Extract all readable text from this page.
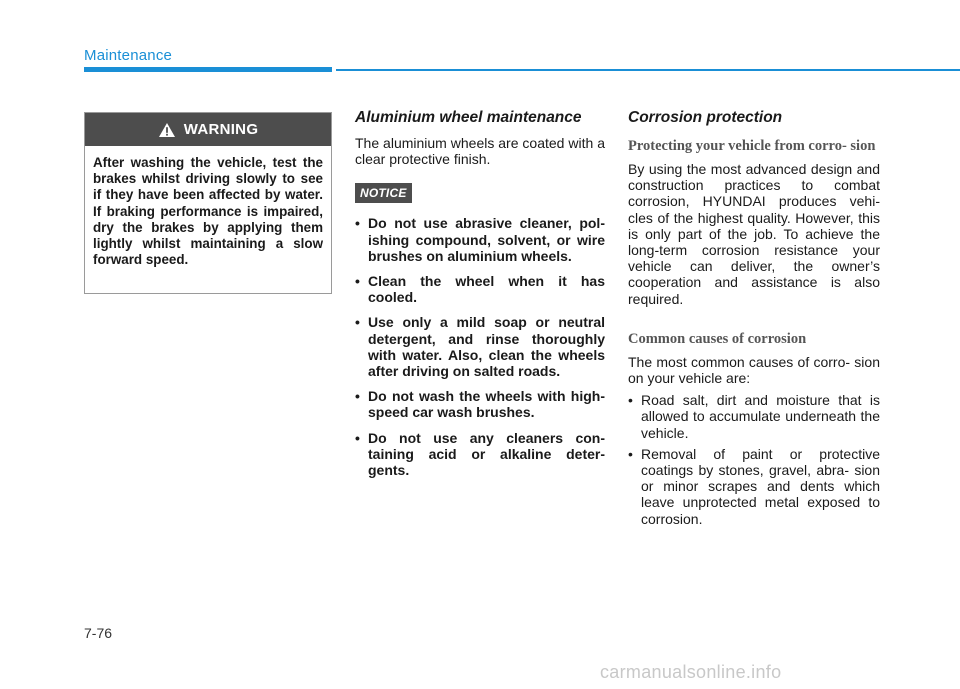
Maintenance
WARNING
After washing the vehicle, test the brakes whilst driving slowly to see if they have been affected by water. If braking performance is impaired, dry the brakes by applying them lightly whilst maintaining a slow forward speed.
Aluminium wheel maintenance

The aluminium wheels are coated with a clear protective finish.

NOTICE
• Do not use abrasive cleaner, pol- ishing compound, solvent, or wire brushes on aluminium wheels.
• Clean the wheel when it has cooled.
• Use only a mild soap or neutral detergent, and rinse thoroughly with water. Also, clean the wheels after driving on salted roads.
• Do not wash the wheels with high-speed car wash brushes.
• Do not use any cleaners con- taining acid or alkaline deter- gents.
Corrosion protection
Protecting your vehicle from corro- sion

By using the most advanced design and construction practices to combat corrosion, HYUNDAI produces vehi- cles of the highest quality. However, this is only part of the job. To achieve the long-term corrosion resistance your vehicle can deliver, the owner’s cooperation and assistance is also required.

Common causes of corrosion

The most common causes of corro- sion on your vehicle are:

• Road salt, dirt and moisture that is allowed to accumulate underneath the vehicle.
• Removal of paint or protective coatings by stones, gravel, abra- sion or minor scrapes and dents which leave unprotected metal exposed to corrosion.
7-76
carmanualsonline.info
